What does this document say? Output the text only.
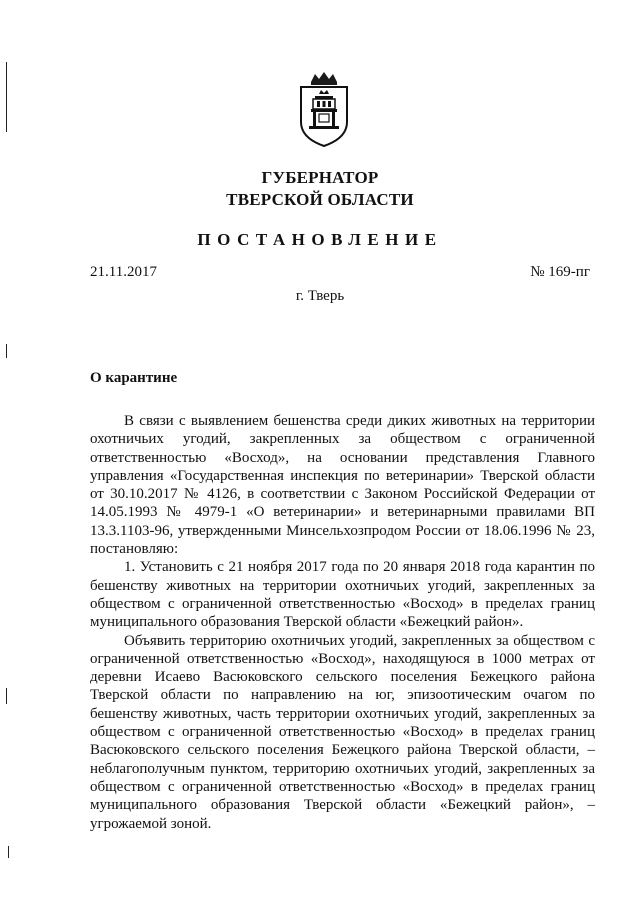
ГУБЕРНАТОР
ТВЕРСКОЙ ОБЛАСТИ
ПОСТАНОВЛЕНИЕ
21.11.2017	№ 169-пг
г. Тверь
О карантине

В связи с выявлением бешенства среди диких животных на территории охотничьих угодий, закрепленных за обществом с ограниченной ответственностью «Восход», на основании представления Главного управления «Государственная инспекция по ветеринарии» Тверской области от 30.10.2017 № 4126, в соответствии с Законом Российской Федерации от 14.05.1993 № 4979-1 «О ветеринарии» и ветеринарными правилами ВП 13.3.1103-96, утвержденными Минсельхозпродом России от 18.06.1996 № 23, постановляю:

1. Установить с 21 ноября 2017 года по 20 января 2018 года карантин по бешенству животных на территории охотничьих угодий, закрепленных за обществом с ограниченной ответственностью «Восход» в пределах границ муниципального образования Тверской области «Бежецкий район».

Объявить территорию охотничьих угодий, закрепленных за обществом с ограниченной ответственностью «Восход», находящуюся в 1000 метрах от деревни Исаево Васюковского сельского поселения Бежецкого района Тверской области по направлению на юг, эпизоотическим очагом по бешенству животных, часть территории охотничьих угодий, закрепленных за обществом с ограниченной ответственностью «Восход» в пределах границ Васюковского сельского поселения Бежецкого района Тверской области, – неблагополучным пунктом, территорию охотничьих угодий, закрепленных за обществом с ограниченной ответственностью «Восход» в пределах границ муниципального образования Тверской области «Бежецкий район», – угрожаемой зоной.
